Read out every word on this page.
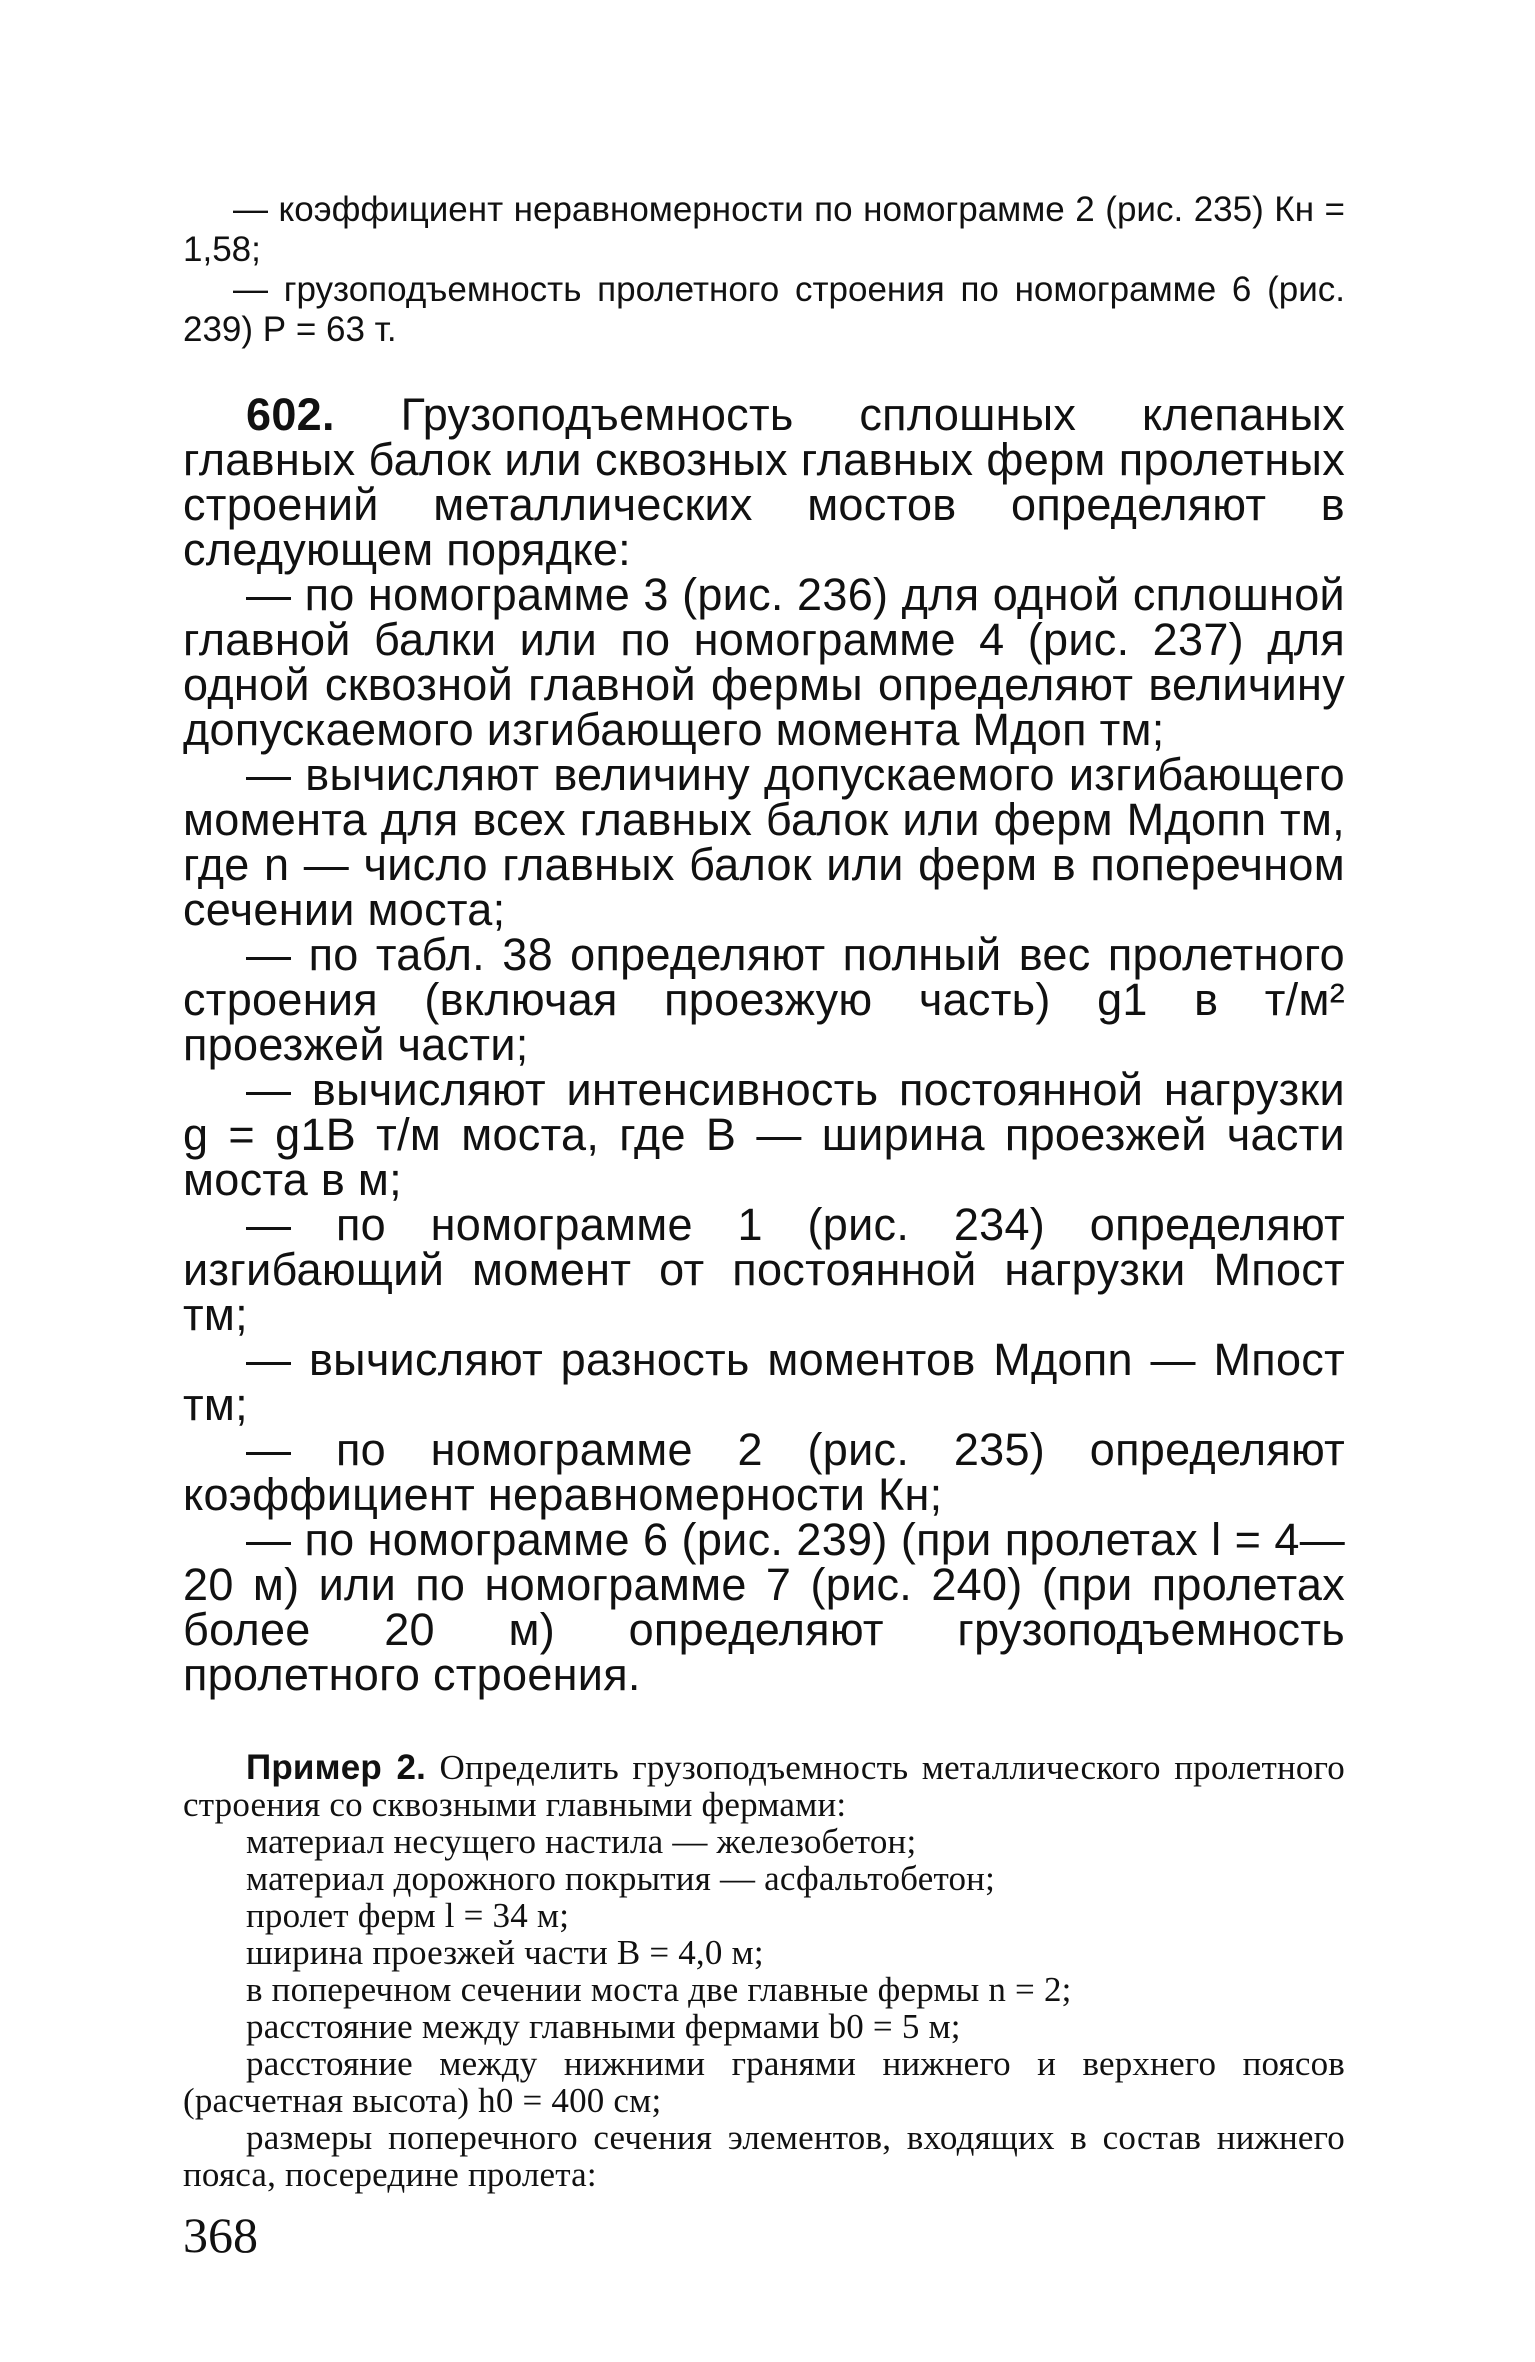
— коэффициент неравномерности по номограмме 2 (рис. 235) Кн = 1,58;

— грузоподъемность пролетного строения по номограмме 6 (рис. 239) Р = 63 т.

602. Грузоподъемность сплошных клепаных главных балок или сквозных главных ферм пролетных строений металлических мостов определяют в следующем порядке:

— по номограмме 3 (рис. 236) для одной сплошной главной балки или по номограмме 4 (рис. 237) для одной сквозной главной фермы определяют величину допускаемого изгибающего момента Мдоп тм;

— вычисляют величину допускаемого изгибающего момента для всех главных балок или ферм Мдопn тм, где n — число главных балок или ферм в поперечном сечении моста;

— по табл. 38 определяют полный вес пролетного строения (включая проезжую часть) g1 в т/м² проезжей части;

— вычисляют интенсивность постоянной нагрузки g = g1B т/м моста, где В — ширина проезжей части моста в м;

— по номограмме 1 (рис. 234) определяют изгибающий момент от постоянной нагрузки Мпост тм;

— вычисляют разность моментов Мдопn — Мпост тм;

— по номограмме 2 (рис. 235) определяют коэффициент неравномерности Кн;

— по номограмме 6 (рис. 239) (при пролетах l = 4—20 м) или по номограмме 7 (рис. 240) (при пролетах более 20 м) определяют грузоподъемность пролетного строения.

Пример 2. Определить грузоподъемность металлического пролетного строения со сквозными главными фермами:

материал несущего настила — железобетон;

материал дорожного покрытия — асфальтобетон;

пролет ферм l = 34 м;

ширина проезжей части В = 4,0 м;

в поперечном сечении моста две главные фермы n = 2;

расстояние между главными фермами b0 = 5 м;

расстояние между нижними гранями нижнего и верхнего поясов (расчетная высота) h0 = 400 см;

размеры поперечного сечения элементов, входящих в состав нижнего пояса, посередине пролета:

368
